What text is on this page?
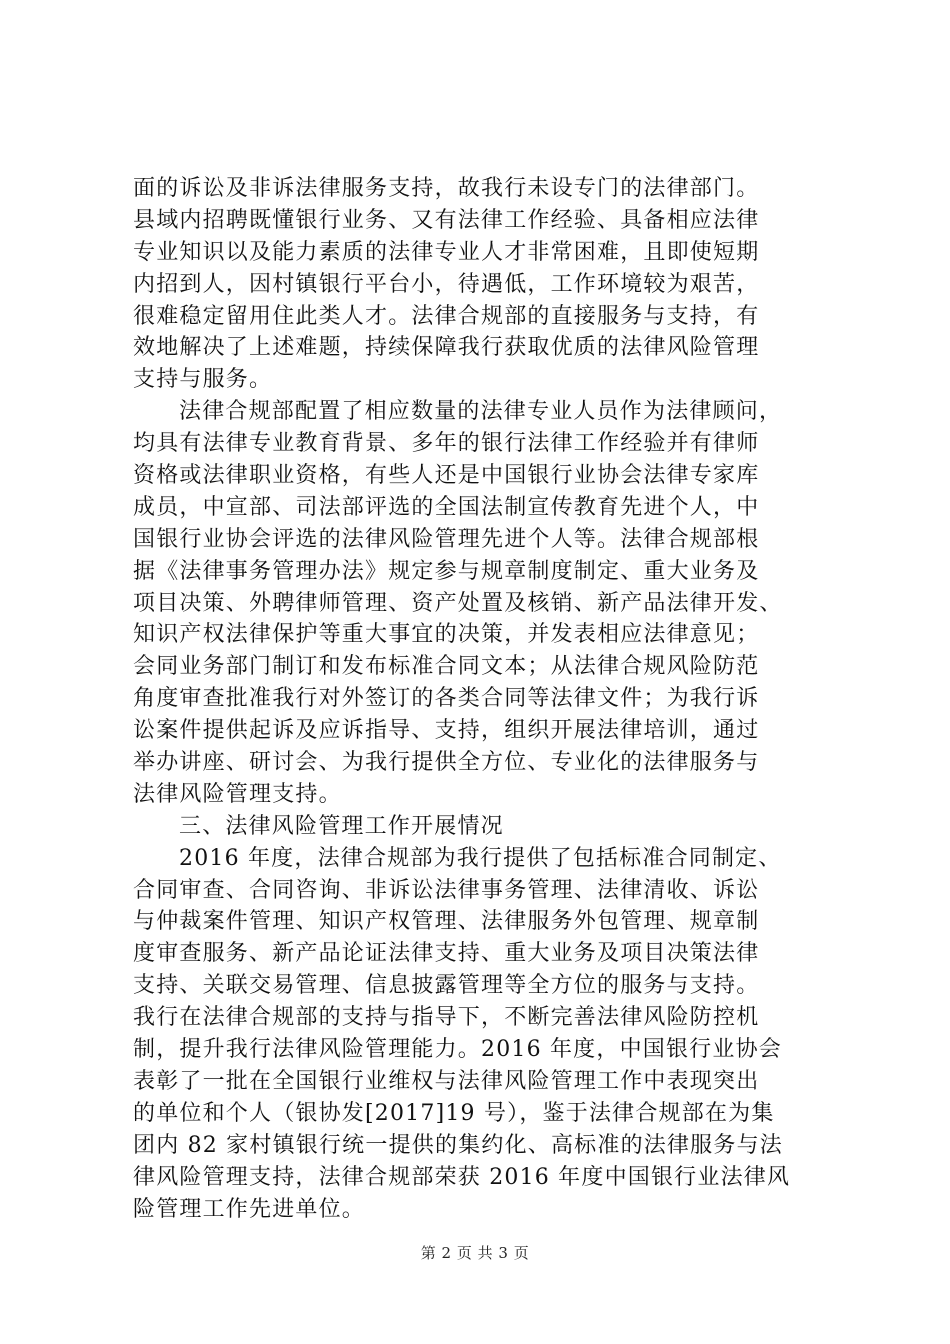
面的诉讼及非诉法律服务支持，故我行未设专门的法律部门。
县域内招聘既懂银行业务、又有法律工作经验、具备相应法律
专业知识以及能力素质的法律专业人才非常困难，且即使短期
内招到人，因村镇银行平台小，待遇低，工作环境较为艰苦，
很难稳定留用住此类人才。法律合规部的直接服务与支持，有
效地解决了上述难题，持续保障我行获取优质的法律风险管理
支持与服务。
法律合规部配置了相应数量的法律专业人员作为法律顾问，
均具有法律专业教育背景、多年的银行法律工作经验并有律师
资格或法律职业资格，有些人还是中国银行业协会法律专家库
成员，中宣部、司法部评选的全国法制宣传教育先进个人，中
国银行业协会评选的法律风险管理先进个人等。法律合规部根
据《法律事务管理办法》规定参与规章制度制定、重大业务及
项目决策、外聘律师管理、资产处置及核销、新产品法律开发、
知识产权法律保护等重大事宜的决策，并发表相应法律意见；
会同业务部门制订和发布标准合同文本；从法律合规风险防范
角度审查批准我行对外签订的各类合同等法律文件；为我行诉
讼案件提供起诉及应诉指导、支持，组织开展法律培训，通过
举办讲座、研讨会、为我行提供全方位、专业化的法律服务与
法律风险管理支持。
三、法律风险管理工作开展情况
2016 年度，法律合规部为我行提供了包括标准合同制定、
合同审查、合同咨询、非诉讼法律事务管理、法律清收、诉讼
与仲裁案件管理、知识产权管理、法律服务外包管理、规章制
度审查服务、新产品论证法律支持、重大业务及项目决策法律
支持、关联交易管理、信息披露管理等全方位的服务与支持。
我行在法律合规部的支持与指导下，不断完善法律风险防控机
制，提升我行法律风险管理能力。2016 年度，中国银行业协会
表彰了一批在全国银行业维权与法律风险管理工作中表现突出
的单位和个人（银协发[2017]19 号），鉴于法律合规部在为集
团内 82 家村镇银行统一提供的集约化、高标准的法律服务与法
律风险管理支持，法律合规部荣获 2016 年度中国银行业法律风
险管理工作先进单位。
第 2 页 共 3 页
